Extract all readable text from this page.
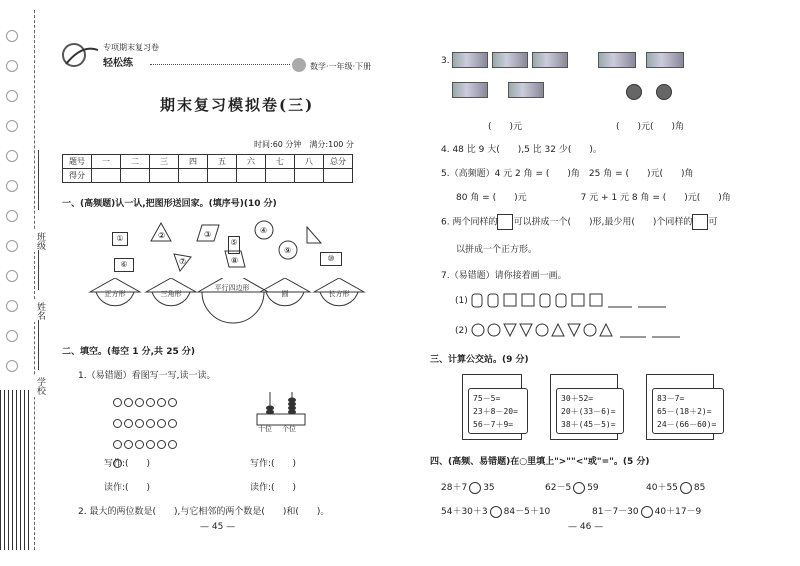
班级
姓名
学校
专项期末复习卷
轻松练	数学·一年级·下册
期末复习模拟卷(三)
时间:60 分钟　满分:100 分
题号	一	二	三	四	五	六	七	八	总分
得分									
一、(高频题)认一认,把图形送回家。(填序号)(10 分)
①	②	③	④
⑤
⑥	⑦	⑧
⑨
⑩
正方形	三角形
平行四边形
圆	长方形
二、填空。(每空 1 分,共 25 分)
1.（易错题）看图写一写,读一读。
十位 个位
写作:(　　)	写作:(　　)
读作:(　　)	读作:(　　)
2. 最大的两位数是(　　),与它相邻的两个数是(　　)和(　　)。
— 45 —
3.
(　　)元	(　　)元(　　)角
4. 48 比 9 大(　　),5 比 32 少(　　)。
5.（高频题）4 元 2 角 = (　　)角　25 角 = (　　)元(　　)角
80 角 = (　　)元　　　　　　7 元 + 1 元 8 角 = (　　)元(　　)角
6. 两个同样的 可以拼成一个(　　)形,最少用(　　)个同样的 可
以拼成一个正方形。
7.（易错题）请你接着画一画。
(1)
(2)
三、计算公交站。(9 分)
75－5=
23＋8－20=
56－7＋9=
30＋52=
20＋(33－6)=
38＋(45－5)=
83－7=
65－(18＋2)=
24－(66－60)=
四、(高频、易错题)在○里填上">""<"或"="。(5 分)
28＋7 35	62－5 59	40＋55 85
54＋30＋3 84－5＋10	81－7－30 40＋17－9
— 46 —
